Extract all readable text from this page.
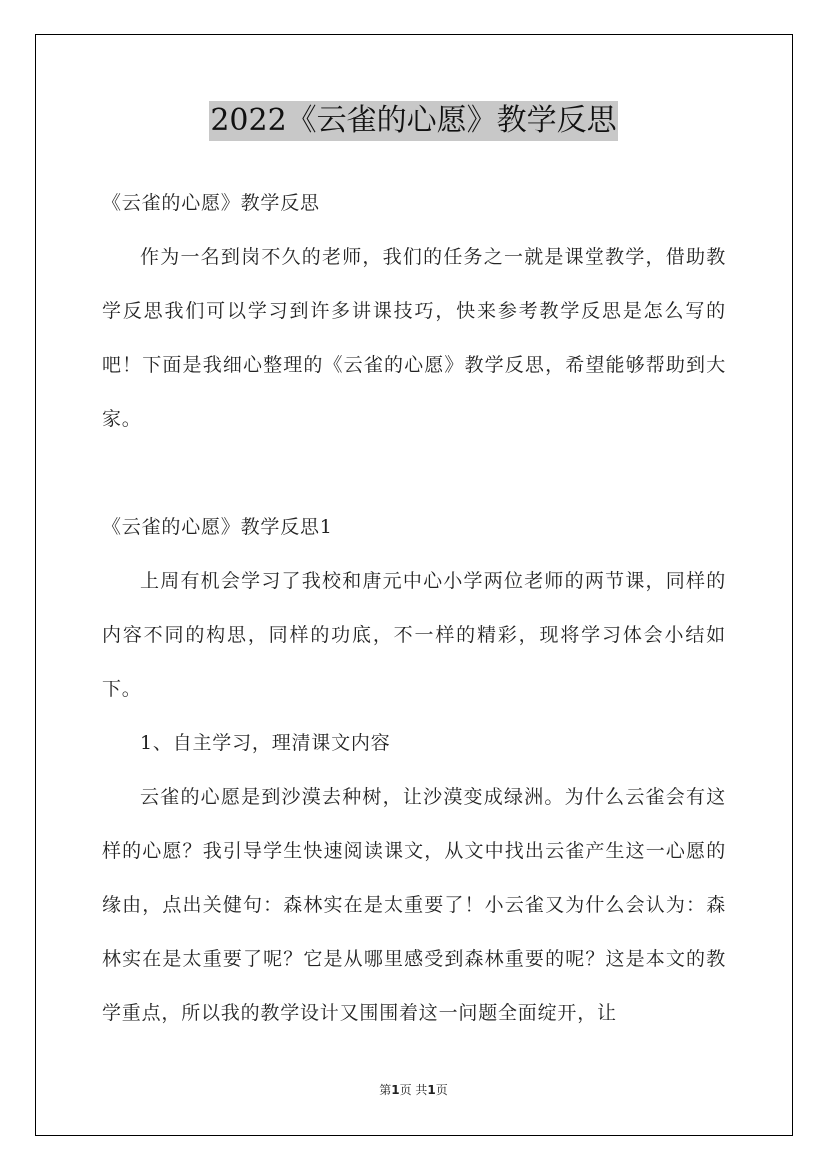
2022《云雀的心愿》教学反思

《云雀的心愿》教学反思

作为一名到岗不久的老师，我们的任务之一就是课堂教学，借助教学反思我们可以学习到许多讲课技巧，快来参考教学反思是怎么写的吧！下面是我细心整理的《云雀的心愿》教学反思，希望能够帮助到大家。

《云雀的心愿》教学反思1

上周有机会学习了我校和唐元中心小学两位老师的两节课，同样的内容不同的构思，同样的功底，不一样的精彩，现将学习体会小结如下。

1、自主学习，理清课文内容

云雀的心愿是到沙漠去种树，让沙漠变成绿洲。为什么云雀会有这样的心愿？我引导学生快速阅读课文，从文中找出云雀产生这一心愿的缘由，点出关健句：森林实在是太重要了！小云雀又为什么会认为：森林实在是太重要了呢？它是从哪里感受到森林重要的呢？这是本文的教学重点，所以我的教学设计又围围着这一问题全面绽开，让

第1页 共1页
